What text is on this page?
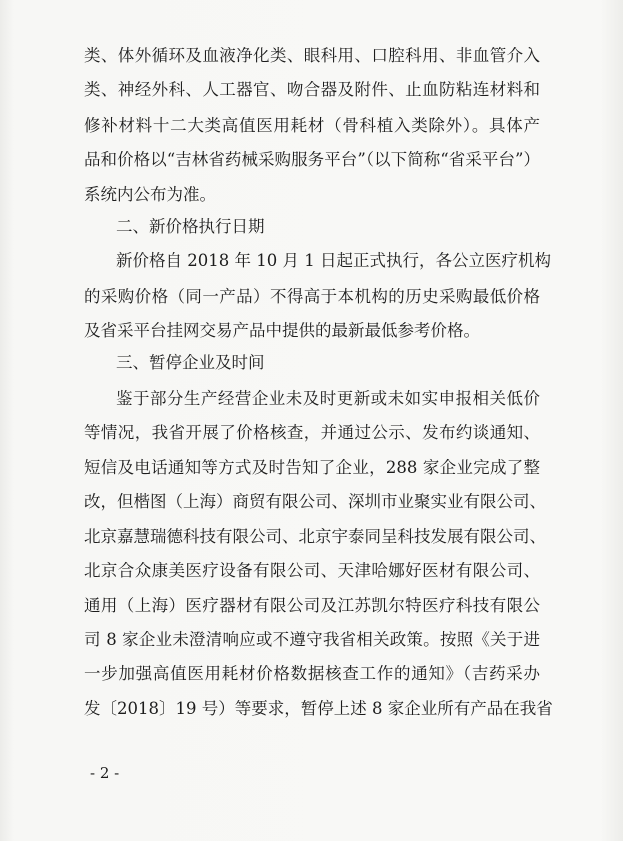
类、体外循环及血液净化类、眼科用、口腔科用、非血管介入
类、神经外科、人工器官、吻合器及附件、止血防粘连材料和
修补材料十二大类高值医用耗材（骨科植入类除外）。具体产
品和价格以“吉林省药械采购服务平台”（以下简称“省采平台”）
系统内公布为准。
二、新价格执行日期
新价格自 2018 年 10 月 1 日起正式执行，各公立医疗机构
的采购价格（同一产品）不得高于本机构的历史采购最低价格
及省采平台挂网交易产品中提供的最新最低参考价格。
三、暂停企业及时间
鉴于部分生产经营企业未及时更新或未如实申报相关低价
等情况，我省开展了价格核查，并通过公示、发布约谈通知、
短信及电话通知等方式及时告知了企业，288 家企业完成了整
改，但楷图（上海）商贸有限公司、深圳市业聚实业有限公司、
北京嘉慧瑞德科技有限公司、北京宇泰同呈科技发展有限公司、
北京合众康美医疗设备有限公司、天津哈娜好医材有限公司、
通用（上海）医疗器材有限公司及江苏凯尔特医疗科技有限公
司 8 家企业未澄清响应或不遵守我省相关政策。按照《关于进
一步加强高值医用耗材价格数据核查工作的通知》（吉药采办
发〔2018〕19 号）等要求，暂停上述 8 家企业所有产品在我省
- 2 -
